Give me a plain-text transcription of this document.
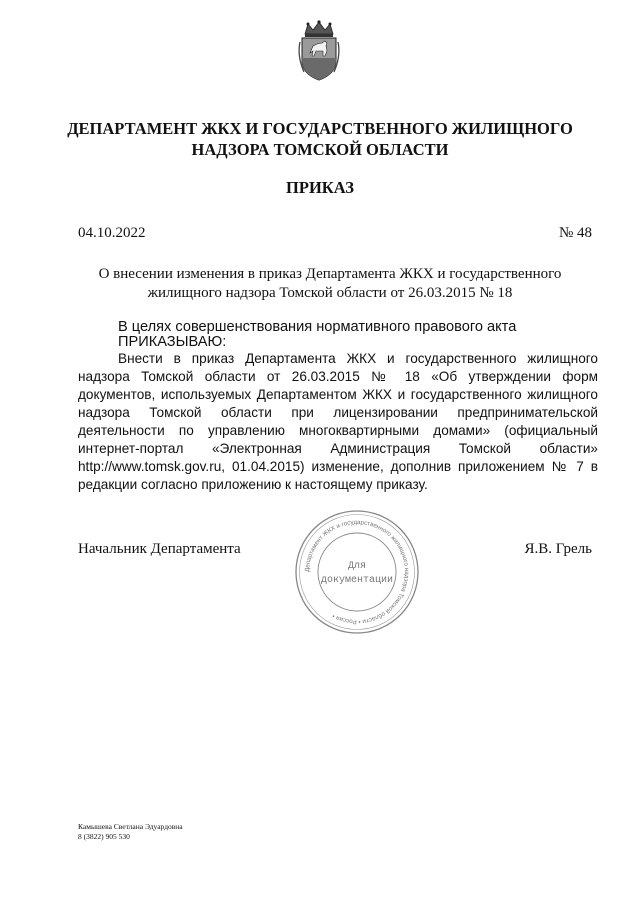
ДЕПАРТАМЕНТ ЖКХ И ГОСУДАРСТВЕННОГО ЖИЛИЩНОГО
НАДЗОРА ТОМСКОЙ ОБЛАСТИ
ПРИКАЗ
04.10.2022	№ 48
О внесении изменения в приказ Департамента ЖКХ и государственного
жилищного надзора Томской области от 26.03.2015 № 18
В целях совершенствования нормативного правового акта
ПРИКАЗЫВАЮ:
Внести в приказ Департамента ЖКХ и государственного жилищного надзора Томской области от 26.03.2015 № 18 «Об утверждении форм документов, используемых Департаментом ЖКХ и государственного жилищного надзора Томской области при лицензировании предпринимательской деятельности по управлению многоквартирными домами» (официальный интернет-портал «Электронная Администрация Томской области» http://www.tomsk.gov.ru, 01.04.2015) изменение, дополнив приложением № 7 в редакции согласно приложению к настоящему приказу.
Департамент ЖКХ и государственного жилищного надзора Томской области • Россия •
Для
документации
Начальник Департамента	Я.В. Грель
Камышева Светлана Эдуардовна
8 (3822) 905 530
